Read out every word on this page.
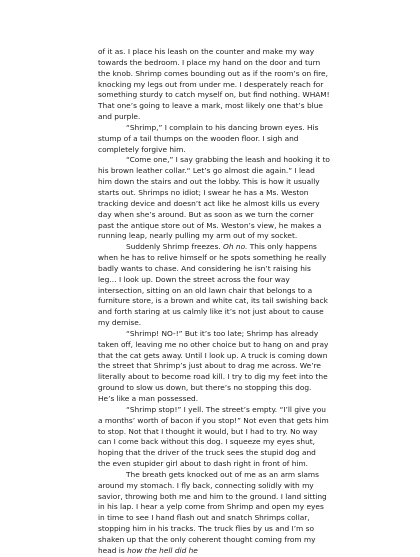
of it as. I place his leash on the counter and make my way towards the bedroom. I place my hand on the door and turn the knob. Shrimp comes bounding out as if the room’s on fire, knocking my legs out from under me. I desperately reach for something sturdy to catch myself on, but find nothing. WHAM! That one’s going to leave a mark, most likely one that’s blue and purple.

“Shrimp,” I complain to his dancing brown eyes. His stump of a tail thumps on the wooden floor. I sigh and completely forgive him.

“Come one,” I say grabbing the leash and hooking it to his brown leather collar.“ Let’s go almost die again.” I lead him down the stairs and out the lobby. This is how it usually starts out. Shrimps no idiot; I swear he has a Ms. Weston tracking device and doesn’t act like he almost kills us every day when she’s around. But as soon as we turn the corner past the antique store out of Ms. Weston’s view, he makes a running leap, nearly pulling my arm out of my socket.

Suddenly Shrimp freezes. Oh no. This only happens when he has to relive himself or he spots something he really badly wants to chase. And considering he isn’t raising his leg… I look up. Down the street across the four way intersection, sitting on an old lawn chair that belongs to a furniture store, is a brown and white cat, its tail swishing back and forth staring at us calmly like it’s not just about to cause my demise.

“Shrimp! NO-!” But it’s too late; Shrimp has already taken off, leaving me no other choice but to hang on and pray that the cat gets away. Until I look up. A truck is coming down the street that Shrimp’s just about to drag me across. We’re literally about to become road kill. I try to dig my feet into the ground to slow us down, but there’s no stopping this dog. He’s like a man possessed.

“Shrimp stop!” I yell. The street’s empty. “I’ll give you a months’ worth of bacon if you stop!” Not even that gets him to stop. Not that I thought it would, but I had to try. No way can I come back without this dog. I squeeze my eyes shut, hoping that the driver of the truck sees the stupid dog and the even stupider girl about to dash right in front of him.

The breath gets knocked out of me as an arm slams around my stomach. I fly back, connecting solidly with my savior, throwing both me and him to the ground. I land sitting in his lap. I hear a yelp come from Shrimp and open my eyes in time to see I hand flash out and snatch Shrimps collar, stopping him in his tracks. The truck flies by us and I’m so shaken up that the only coherent thought coming from my head is how the hell did he
